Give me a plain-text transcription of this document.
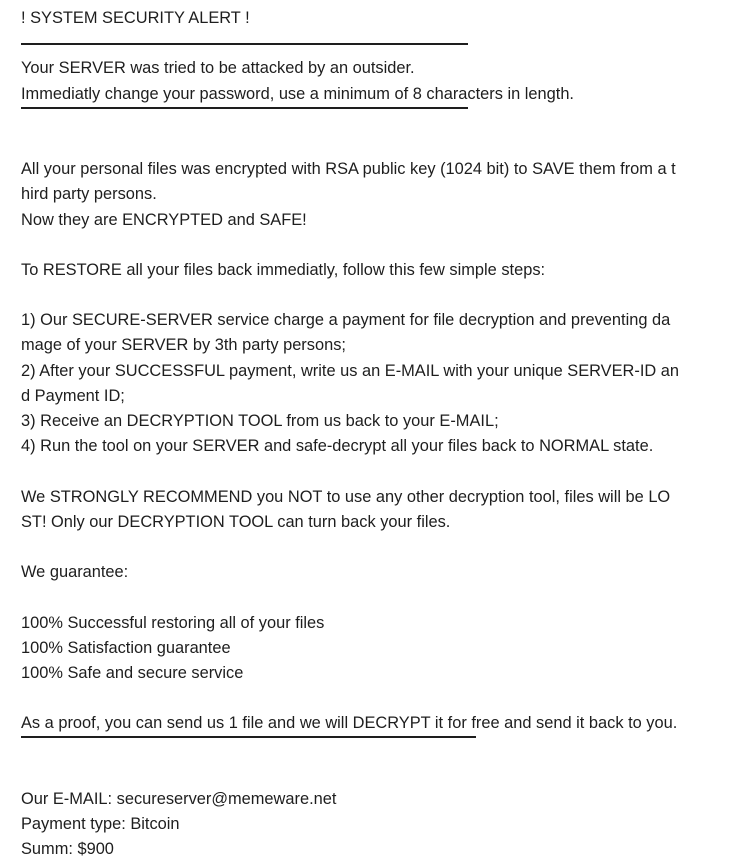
! SYSTEM SECURITY ALERT !
Your SERVER was tried to be attacked by an outsider.
Immediatly change your password, use a minimum of 8 characters in length.
All your personal files was encrypted with RSA public key (1024 bit) to SAVE them from a t
hird party persons.
Now they are ENCRYPTED and SAFE!
To RESTORE all your files back immediatly, follow this few simple steps:
1) Our SECURE-SERVER service charge a payment for file decryption and preventing da
mage of your SERVER by 3th party persons;
2) After your SUCCESSFUL payment, write us an E-MAIL with your unique SERVER-ID an
d Payment ID;
3) Receive an DECRYPTION TOOL from us back to your E-MAIL;
4) Run the tool on your SERVER and safe-decrypt all your files back to NORMAL state.
We STRONGLY RECOMMEND you NOT to use any other decryption tool, files will be LO
ST! Only our DECRYPTION TOOL can turn back your files.
We guarantee:
100% Successful restoring all of your files
100% Satisfaction guarantee
100% Safe and secure service
As a proof, you can send us 1 file and we will DECRYPT it for free and send it back to you.
Our E-MAIL: secureserver@memeware.net
Payment type: Bitcoin
Summ: $900
